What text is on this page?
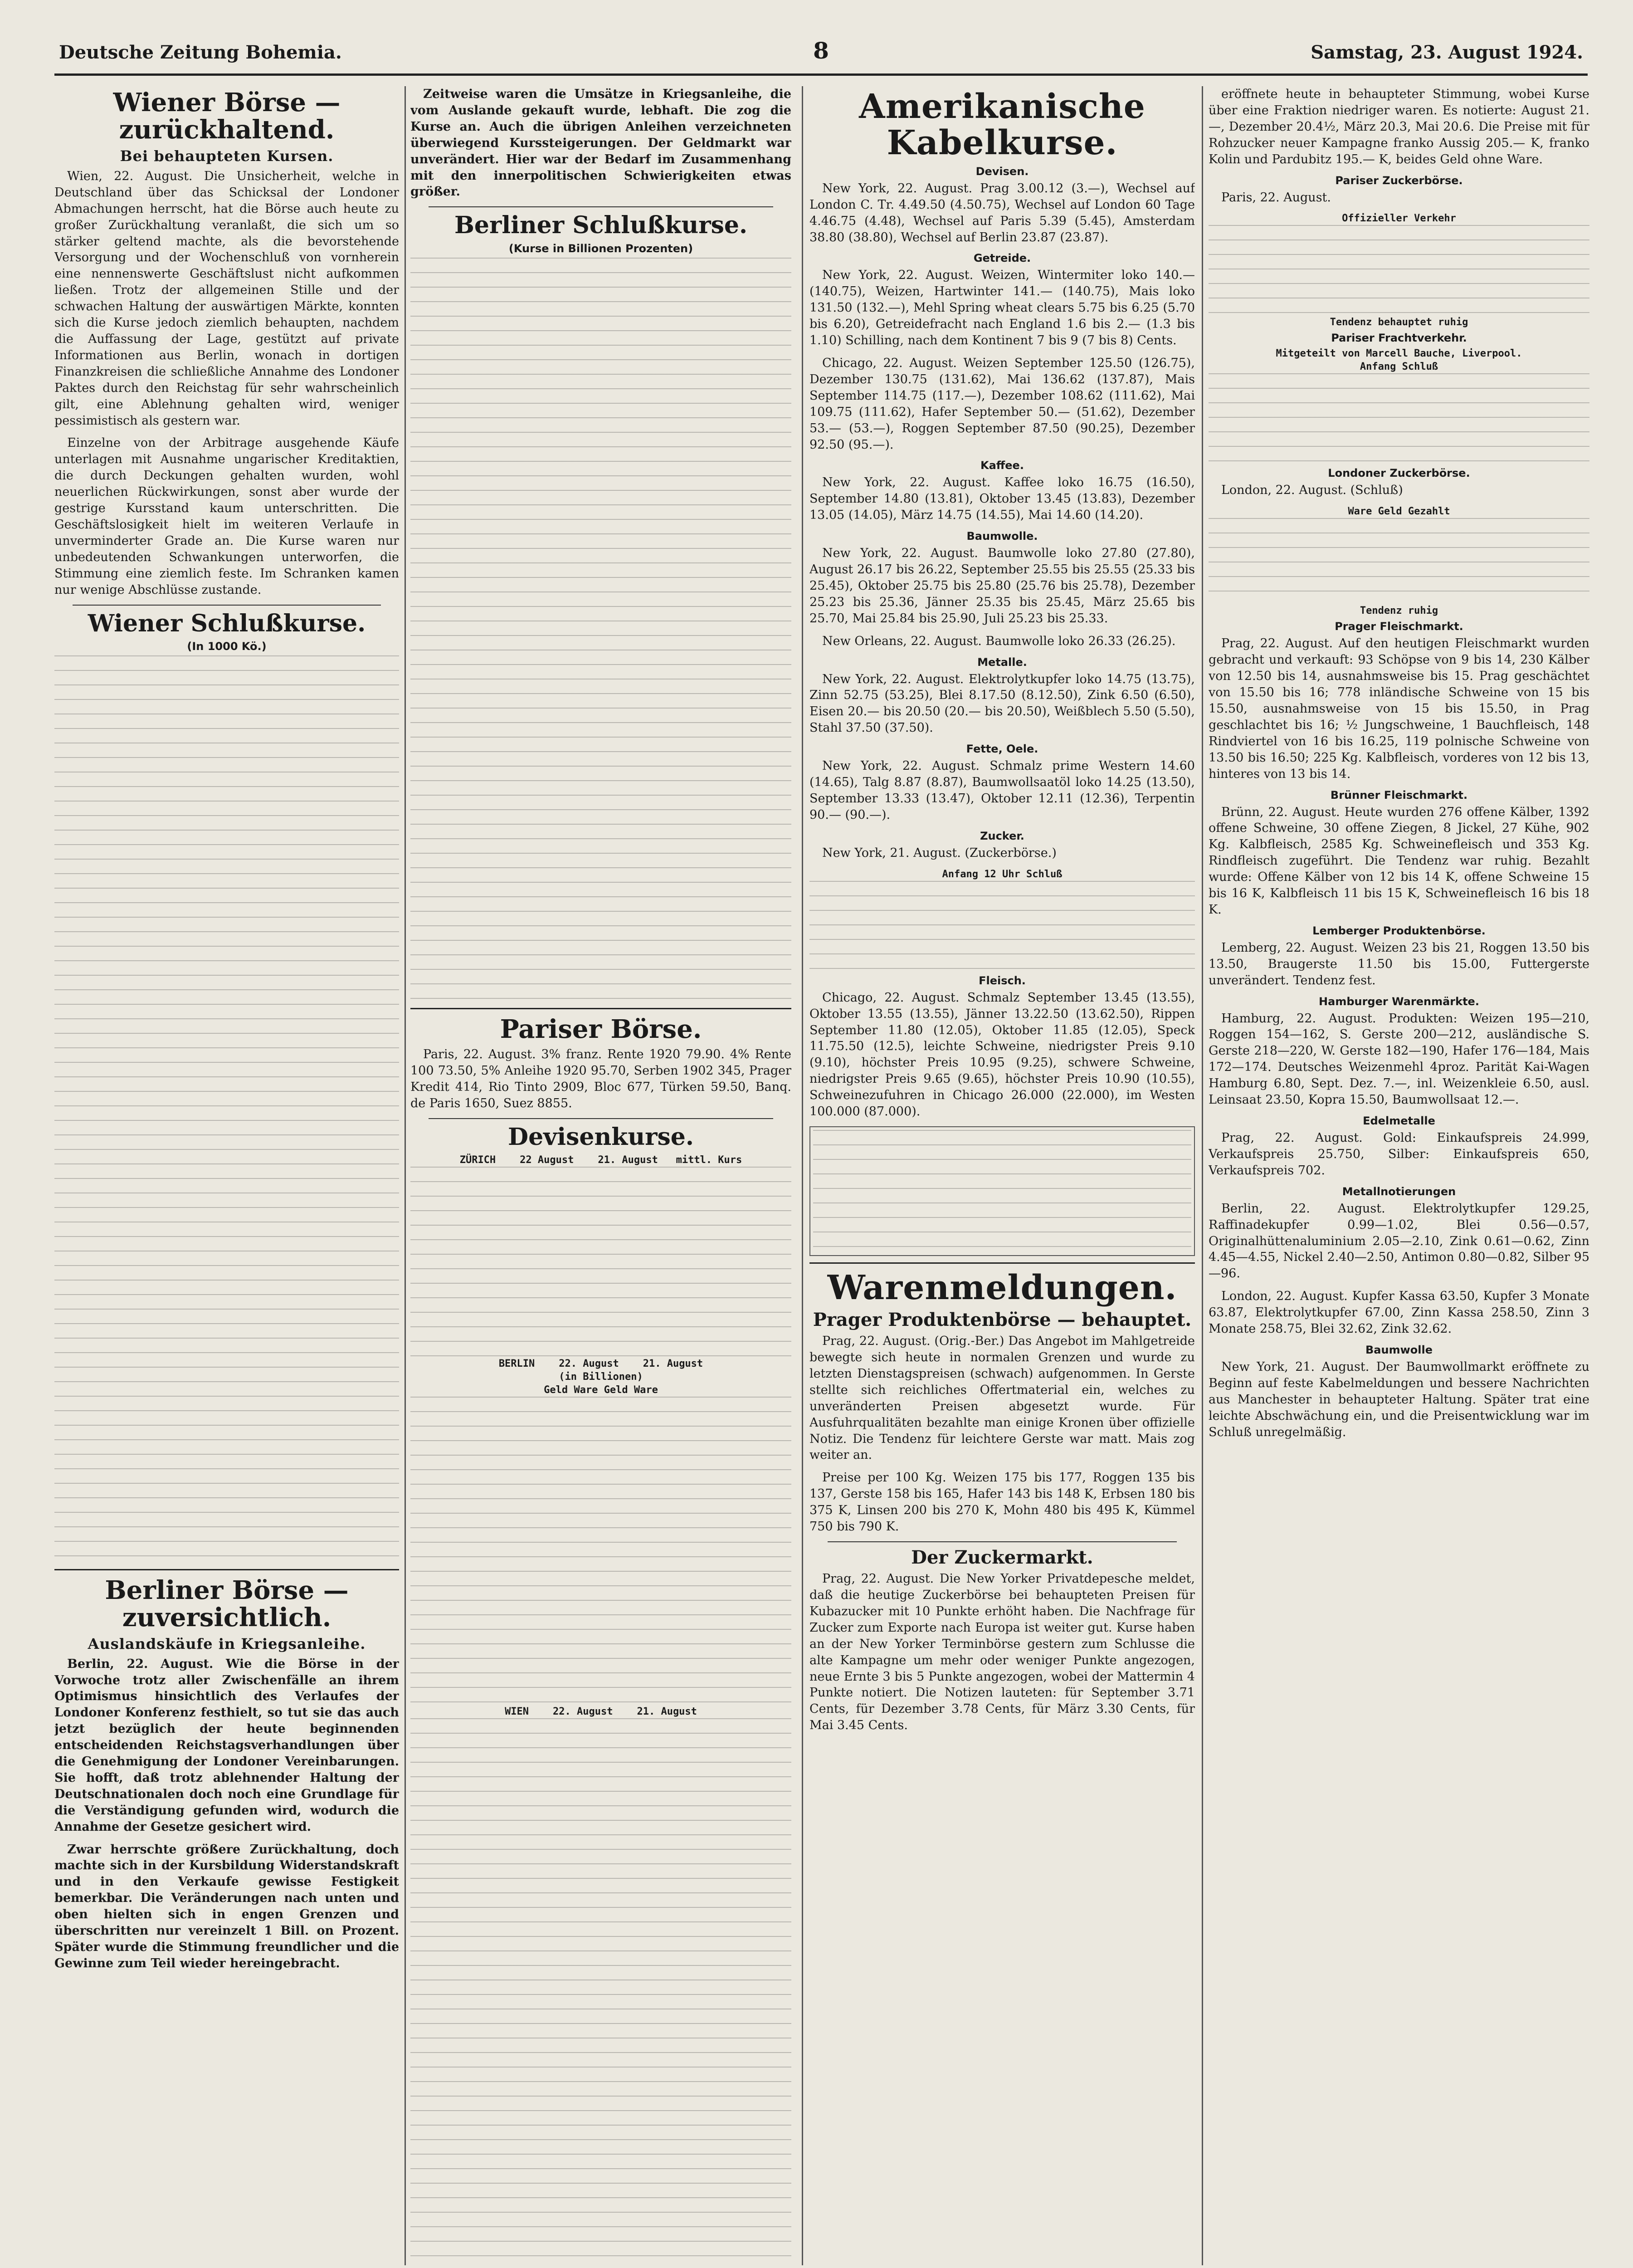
Deutsche Zeitung Bohemia.	8	Samstag, 23. August 1924.
Wiener Börse — zurückhaltend.
Bei behaupteten Kursen.

Wien, 22. August. Die Unsicherheit, welche in Deutschland über das Schicksal der Londoner Abmachungen herrscht, hat die Börse auch heute zu großer Zurückhaltung veranlaßt, die sich um so stärker geltend machte, als die bevorstehende Versorgung und der Wochenschluß von vornherein eine nennenswerte Geschäftslust nicht aufkommen ließen. Trotz der allgemeinen Stille und der schwachen Haltung der auswärtigen Märkte, konnten sich die Kurse jedoch ziemlich behaupten, nachdem die Auffassung der Lage, gestützt auf private Informationen aus Berlin, wonach in dortigen Finanzkreisen die schließliche Annahme des Londoner Paktes durch den Reichstag für sehr wahrscheinlich gilt, eine Ablehnung gehalten wird, weniger pessimistisch als gestern war.

Einzelne von der Arbitrage ausgehende Käufe unterlagen mit Ausnahme ungarischer Kreditaktien, die durch Deckungen gehalten wurden, wohl neuerlichen Rückwirkungen, sonst aber wurde der gestrige Kursstand kaum unterschritten. Die Geschäftslosigkeit hielt im weiteren Verlaufe in unverminderter Grade an. Die Kurse waren nur unbedeutenden Schwankungen unterworfen, die Stimmung eine ziemlich feste. Im Schranken kamen nur wenige Abschlüsse zustande.

Wiener Schlußkurse.
(In 1000 Kö.)
Berliner Börse — zuversichtlich.
Auslandskäufe in Kriegsanleihe.

Berlin, 22. August. Wie die Börse in der Vorwoche trotz aller Zwischenfälle an ihrem Optimismus hinsichtlich des Verlaufes der Londoner Konferenz festhielt, so tut sie das auch jetzt bezüglich der heute beginnenden entscheidenden Reichstagsverhandlungen über die Genehmigung der Londoner Vereinbarungen. Sie hofft, daß trotz ablehnender Haltung der Deutschnationalen doch noch eine Grundlage für die Verständigung gefunden wird, wodurch die Annahme der Gesetze gesichert wird.

Zwar herrschte größere Zurückhaltung, doch machte sich in der Kursbildung Widerstandskraft und in den Verkaufe gewisse Festigkeit bemerkbar. Die Veränderungen nach unten und oben hielten sich in engen Grenzen und überschritten nur vereinzelt 1 Bill. on Prozent. Später wurde die Stimmung freundlicher und die Gewinne zum Teil wieder hereingebracht.

Zeitweise waren die Umsätze in Kriegsanleihe, die vom Auslande gekauft wurde, lebhaft. Die zog die Kurse an. Auch die übrigen Anleihen verzeichneten überwiegend Kurssteigerungen. Der Geldmarkt war unverändert. Hier war der Bedarf im Zusammenhang mit den innerpolitischen Schwierigkeiten etwas größer.

Berliner Schlußkurse.
(Kurse in Billionen Prozenten)
Pariser Börse.

Paris, 22. August. 3% franz. Rente 1920 79.90. 4% Rente 100 73.50, 5% Anleihe 1920 95.70, Serben 1902 345, Prager Kredit 414, Rio Tinto 2909, Bloc 677, Türken 59.50, Banq. de Paris 1650, Suez 8855.

Devisenkurse.
ZÜRICH 22 August 21. August mittl. Kurs
BERLIN 22. August 21. August
(in Billionen)
Geld Ware Geld Ware
WIEN 22. August 21. August
Amerikanische Kabelkurse.
Devisen.

New York, 22. August. Prag 3.00.12 (3.—), Wechsel auf London C. Tr. 4.49.50 (4.50.75), Wechsel auf London 60 Tage 4.46.75 (4.48), Wechsel auf Paris 5.39 (5.45), Amsterdam 38.80 (38.80), Wechsel auf Berlin 23.87 (23.87).

Getreide.

New York, 22. August. Weizen, Wintermiter loko 140.— (140.75), Weizen, Hartwinter 141.— (140.75), Mais loko 131.50 (132.—), Mehl Spring wheat clears 5.75 bis 6.25 (5.70 bis 6.20), Getreidefracht nach England 1.6 bis 2.— (1.3 bis 1.10) Schilling, nach dem Kontinent 7 bis 9 (7 bis 8) Cents.

Chicago, 22. August. Weizen September 125.50 (126.75), Dezember 130.75 (131.62), Mai 136.62 (137.87), Mais September 114.75 (117.—), Dezember 108.62 (111.62), Mai 109.75 (111.62), Hafer September 50.— (51.62), Dezember 53.— (53.—), Roggen September 87.50 (90.25), Dezember 92.50 (95.—).

Kaffee.

New York, 22. August. Kaffee loko 16.75 (16.50), September 14.80 (13.81), Oktober 13.45 (13.83), Dezember 13.05 (14.05), März 14.75 (14.55), Mai 14.60 (14.20).

Baumwolle.

New York, 22. August. Baumwolle loko 27.80 (27.80), August 26.17 bis 26.22, September 25.55 bis 25.55 (25.33 bis 25.45), Oktober 25.75 bis 25.80 (25.76 bis 25.78), Dezember 25.23 bis 25.36, Jänner 25.35 bis 25.45, März 25.65 bis 25.70, Mai 25.84 bis 25.90, Juli 25.23 bis 25.33.

New Orleans, 22. August. Baumwolle loko 26.33 (26.25).

Metalle.

New York, 22. August. Elektrolytkupfer loko 14.75 (13.75), Zinn 52.75 (53.25), Blei 8.17.50 (8.12.50), Zink 6.50 (6.50), Eisen 20.— bis 20.50 (20.— bis 20.50), Weißblech 5.50 (5.50), Stahl 37.50 (37.50).

Fette, Oele.

New York, 22. August. Schmalz prime Western 14.60 (14.65), Talg 8.87 (8.87), Baumwollsaatöl loko 14.25 (13.50), September 13.33 (13.47), Oktober 12.11 (12.36), Terpentin 90.— (90.—).

Zucker.

New York, 21. August. (Zuckerbörse.)

Anfang 12 Uhr Schluß
Fleisch.

Chicago, 22. August. Schmalz September 13.45 (13.55), Oktober 13.55 (13.55), Jänner 13.22.50 (13.62.50), Rippen September 11.80 (12.05), Oktober 11.85 (12.05), Speck 11.75.50 (12.5), leichte Schweine, niedrigster Preis 9.10 (9.10), höchster Preis 10.95 (9.25), schwere Schweine, niedrigster Preis 9.65 (9.65), höchster Preis 10.90 (10.55), Schweinezufuhren in Chicago 26.000 (22.000), im Westen 100.000 (87.000).

Warenmeldungen.
Prager Produktenbörse — behauptet.

Prag, 22. August. (Orig.-Ber.) Das Angebot im Mahlgetreide bewegte sich heute in normalen Grenzen und wurde zu letzten Dienstagspreisen (schwach) aufgenommen. In Gerste stellte sich reichliches Offertmaterial ein, welches zu unveränderten Preisen abgesetzt wurde. Für Ausfuhrqualitäten bezahlte man einige Kronen über offizielle Notiz. Die Tendenz für leichtere Gerste war matt. Mais zog weiter an.

Preise per 100 Kg. Weizen 175 bis 177, Roggen 135 bis 137, Gerste 158 bis 165, Hafer 143 bis 148 K, Erbsen 180 bis 375 K, Linsen 200 bis 270 K, Mohn 480 bis 495 K, Kümmel 750 bis 790 K.

Der Zuckermarkt.

Prag, 22. August. Die New Yorker Privatdepesche meldet, daß die heutige Zuckerbörse bei behaupteten Preisen für Kubazucker mit 10 Punkte erhöht haben. Die Nachfrage für Zucker zum Exporte nach Europa ist weiter gut. Kurse haben an der New Yorker Terminbörse gestern zum Schlusse die alte Kampagne um mehr oder weniger Punkte angezogen, neue Ernte 3 bis 5 Punkte angezogen, wobei der Mattermin 4 Punkte notiert. Die Notizen lauteten: für September 3.71 Cents, für Dezember 3.78 Cents, für März 3.30 Cents, für Mai 3.45 Cents.

eröffnete heute in behaupteter Stimmung, wobei Kurse über eine Fraktion niedriger waren. Es notierte: August 21.—, Dezember 20.4½, März 20.3, Mai 20.6. Die Preise mit für Rohzucker neuer Kampagne franko Aussig 205.— K, franko Kolin und Pardubitz 195.— K, beides Geld ohne Ware.

Pariser Zuckerbörse.

Paris, 22. August.

Offizieller Verkehr
Tendenz behauptet ruhig
Pariser Frachtverkehr.
Mitgeteilt von Marcell Bauche, Liverpool.
Anfang Schluß
Londoner Zuckerbörse.

London, 22. August. (Schluß)

Ware Geld Gezahlt
Tendenz ruhig
Prager Fleischmarkt.

Prag, 22. August. Auf den heutigen Fleischmarkt wurden gebracht und verkauft: 93 Schöpse von 9 bis 14, 230 Kälber von 12.50 bis 14, ausnahmsweise bis 15. Prag geschächtet von 15.50 bis 16; 778 inländische Schweine von 15 bis 15.50, ausnahmsweise von 15 bis 15.50, in Prag geschlachtet bis 16; ½ Jungschweine, 1 Bauchfleisch, 148 Rindviertel von 16 bis 16.25, 119 polnische Schweine von 13.50 bis 16.50; 225 Kg. Kalbfleisch, vorderes von 12 bis 13, hinteres von 13 bis 14.

Brünner Fleischmarkt.

Brünn, 22. August. Heute wurden 276 offene Kälber, 1392 offene Schweine, 30 offene Ziegen, 8 Jickel, 27 Kühe, 902 Kg. Kalbfleisch, 2585 Kg. Schweinefleisch und 353 Kg. Rindfleisch zugeführt. Die Tendenz war ruhig. Bezahlt wurde: Offene Kälber von 12 bis 14 K, offene Schweine 15 bis 16 K, Kalbfleisch 11 bis 15 K, Schweinefleisch 16 bis 18 K.

Lemberger Produktenbörse.

Lemberg, 22. August. Weizen 23 bis 21, Roggen 13.50 bis 13.50, Braugerste 11.50 bis 15.00, Futtergerste unverändert. Tendenz fest.

Hamburger Warenmärkte.

Hamburg, 22. August. Produkten: Weizen 195—210, Roggen 154—162, S. Gerste 200—212, ausländische S. Gerste 218—220, W. Gerste 182—190, Hafer 176—184, Mais 172—174. Deutsches Weizenmehl 4proz. Parität Kai-Wagen Hamburg 6.80, Sept. Dez. 7.—, inl. Weizenkleie 6.50, ausl. Leinsaat 23.50, Kopra 15.50, Baumwollsaat 12.—.

Edelmetalle

Prag, 22. August. Gold: Einkaufspreis 24.999, Verkaufspreis 25.750, Silber: Einkaufspreis 650, Verkaufspreis 702.

Metallnotierungen

Berlin, 22. August. Elektrolytkupfer 129.25, Raffinadekupfer 0.99—1.02, Blei 0.56—0.57, Originalhüttenaluminium 2.05—2.10, Zink 0.61—0.62, Zinn 4.45—4.55, Nickel 2.40—2.50, Antimon 0.80—0.82, Silber 95—96.

London, 22. August. Kupfer Kassa 63.50, Kupfer 3 Monate 63.87, Elektrolytkupfer 67.00, Zinn Kassa 258.50, Zinn 3 Monate 258.75, Blei 32.62, Zink 32.62.

Baumwolle

New York, 21. August. Der Baumwollmarkt eröffnete zu Beginn auf feste Kabelmeldungen und bessere Nachrichten aus Manchester in behaupteter Haltung. Später trat eine leichte Abschwächung ein, und die Preisentwicklung war im Schluß unregelmäßig.
